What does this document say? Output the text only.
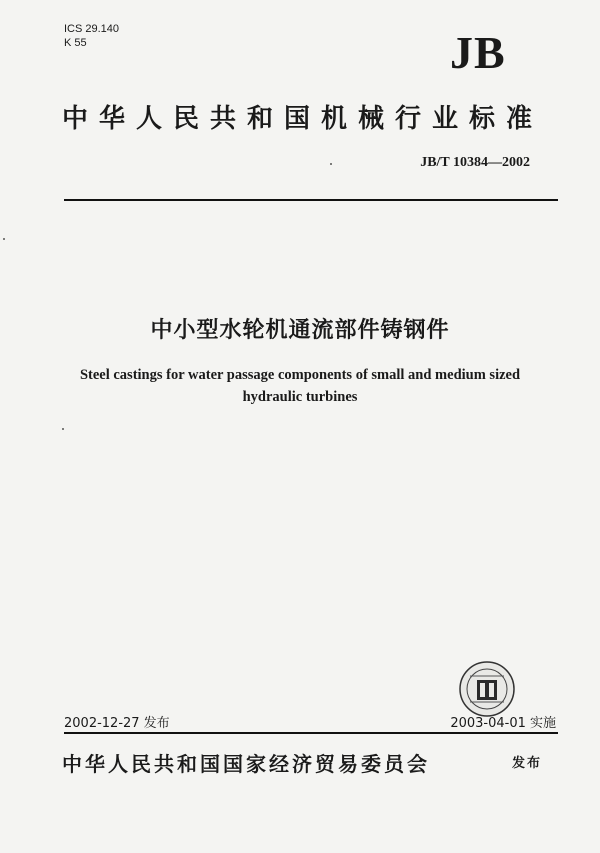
ICS 29.140
K 55	JB
中华人民共和国机械行业标准
JB/T 10384—2002
中小型水轮机通流部件铸钢件
Steel castings for water passage components of small and medium sized
hydraulic turbines
2002-12-27 发布	2003-04-01 实施
中华人民共和国国家经济贸易委员会	发布
